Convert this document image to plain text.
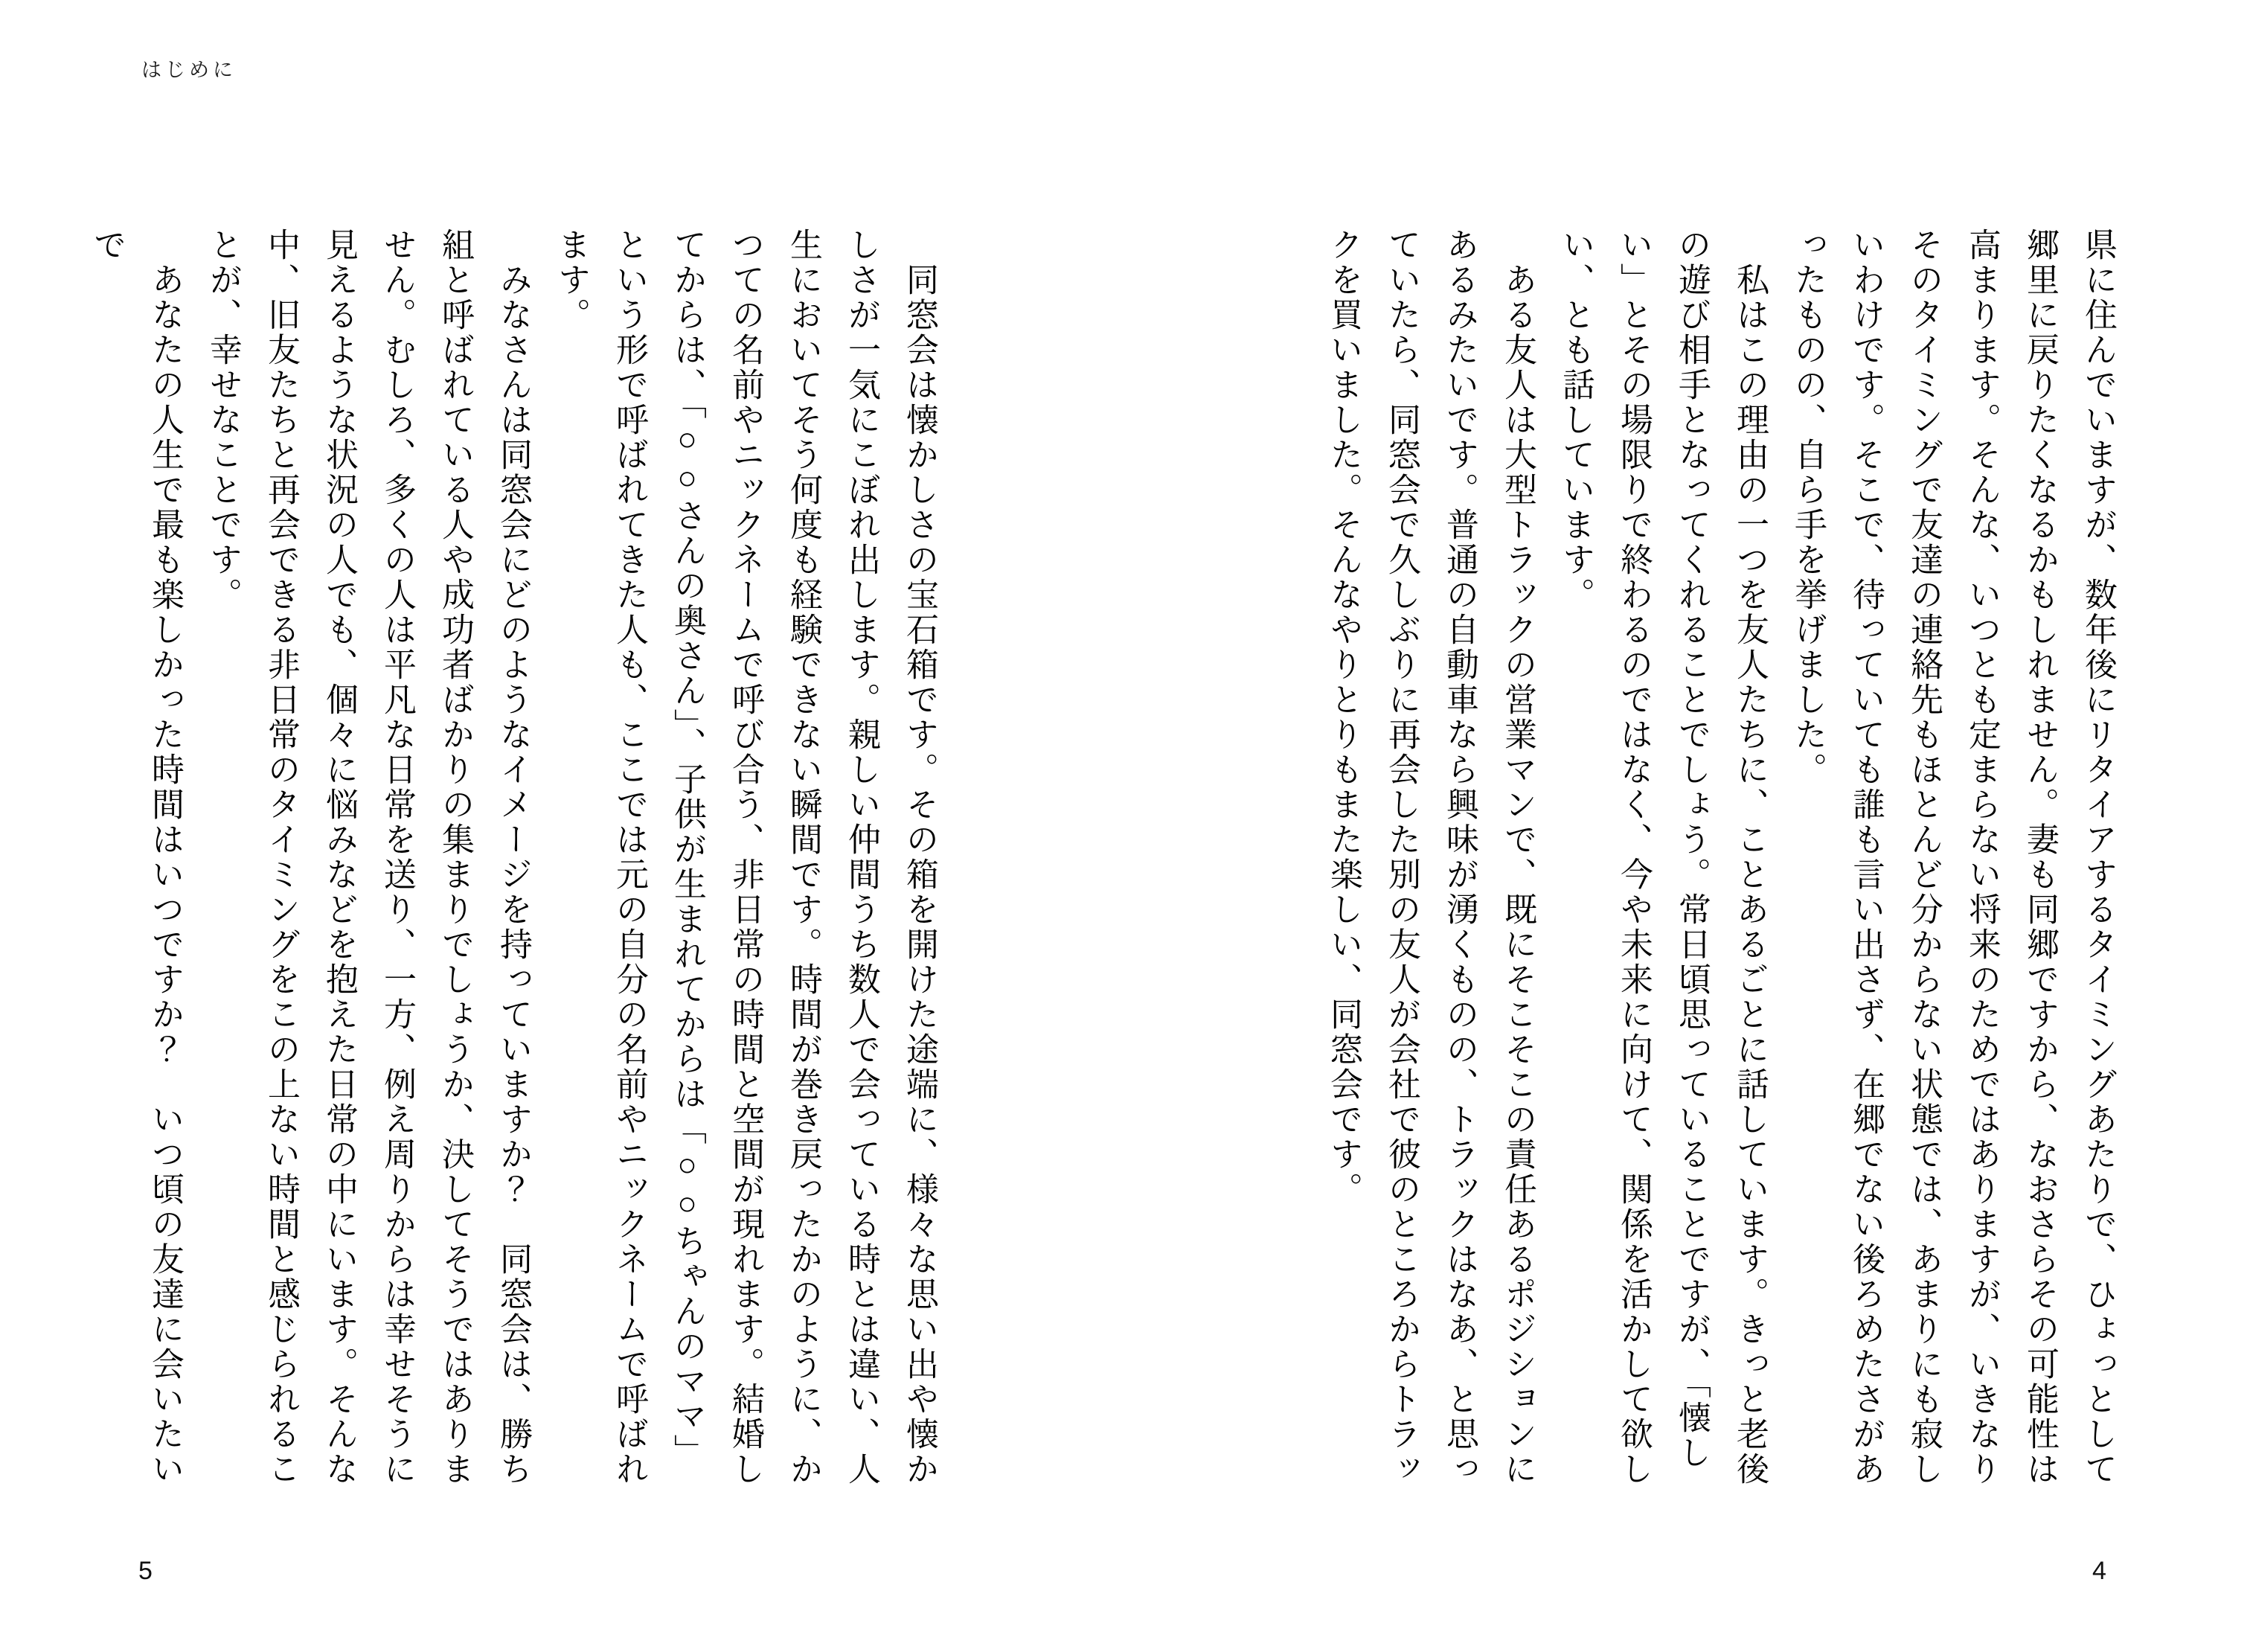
はじめに

県に住んでいますが、数年後にリタイアするタイミングあたりで、ひょっとして郷里に戻りたくなるかもしれません。妻も同郷ですから、なおさらその可能性は高まります。そんな、いつとも定まらない将来のためではありますが、いきなりそのタイミングで友達の連絡先もほとんど分からない状態では、あまりにも寂しいわけです。そこで、待っていても誰も言い出さず、在郷でない後ろめたさがあったものの、自ら手を挙げました。

私はこの理由の一つを友人たちに、ことあるごとに話しています。きっと老後の遊び相手となってくれることでしょう。常日頃思っていることですが、「懐しい」とその場限りで終わるのではなく、今や未来に向けて、関係を活かして欲しい、とも話しています。

ある友人は大型トラックの営業マンで、既にそこそこの責任あるポジションにあるみたいです。普通の自動車なら興味が湧くものの、トラックはなあ、と思っていたら、同窓会で久しぶりに再会した別の友人が会社で彼のところからトラックを買いました。そんなやりとりもまた楽しい、同窓会です。

同窓会は懐かしさの宝石箱です。その箱を開けた途端に、様々な思い出や懐かしさが一気にこぼれ出します。親しい仲間うち数人で会っている時とは違い、人生においてそう何度も経験できない瞬間です。時間が巻き戻ったかのように、かつての名前やニックネームで呼び合う、非日常の時間と空間が現れます。結婚してからは、「○○さんの奥さん」、子供が生まれてからは「○○ちゃんのママ」という形で呼ばれてきた人も、ここでは元の自分の名前やニックネームで呼ばれます。

みなさんは同窓会にどのようなイメージを持っていますか？　同窓会は、勝ち組と呼ばれている人や成功者ばかりの集まりでしょうか、決してそうではありません。むしろ、多くの人は平凡な日常を送り、一方、例え周りからは幸せそうに見えるような状況の人でも、個々に悩みなどを抱えた日常の中にいます。そんな中、旧友たちと再会できる非日常のタイミングをこの上ない時間と感じられることが、幸せなことです。

あなたの人生で最も楽しかった時間はいつですか？　いつ頃の友達に会いたいで

4
5
